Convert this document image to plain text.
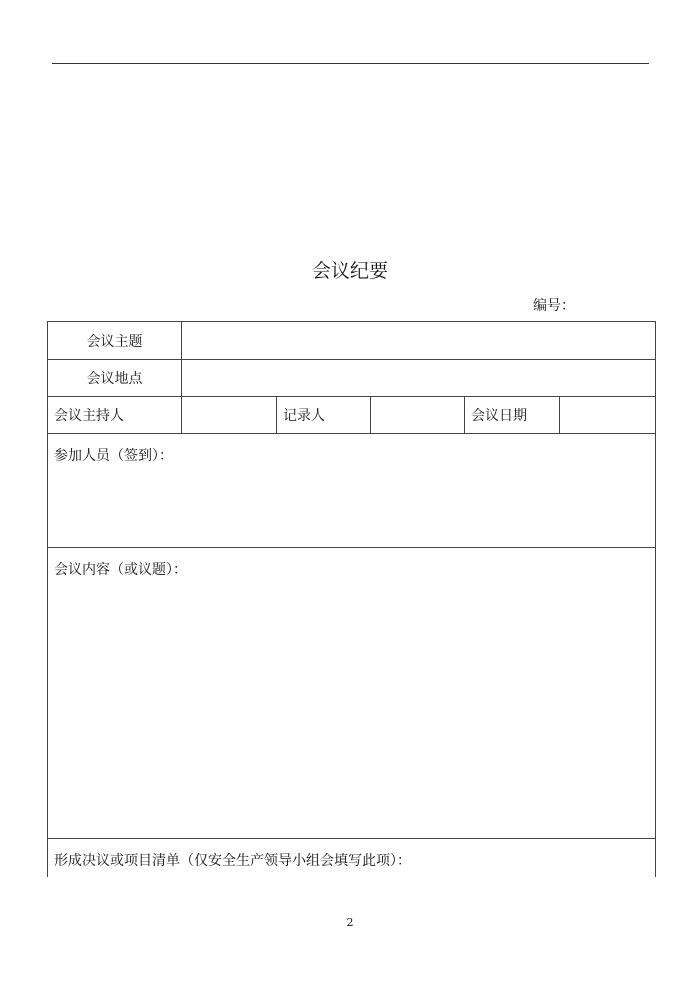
会议纪要
编号：
会议主题
会议地点
会议主持人	记录人	会议日期
参加人员（签到）：
会议内容（或议题）：
形成决议或项目清单（仅安全生产领导小组会填写此项）：
2
